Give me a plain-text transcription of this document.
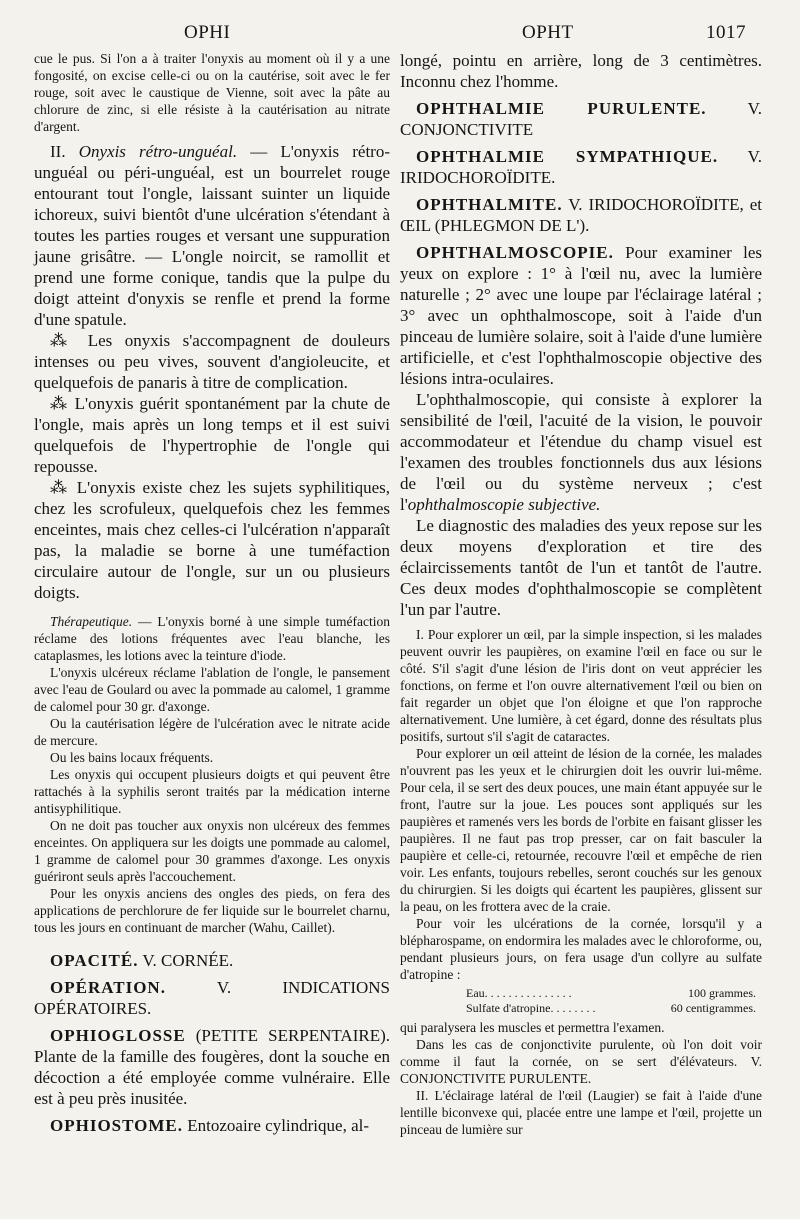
OPHI	OPHT	1017

cue le pus. Si l'on a à traiter l'onyxis au moment où il y a une fongosité, on excise celle-ci ou on la cautérise, soit avec le fer rouge, soit avec le caustique de Vienne, soit avec la pâte au chlorure de zinc, si elle résiste à la cautérisation au nitrate d'argent.

II. Onyxis rétro-unguéal. — L'onyxis rétro-unguéal ou péri-unguéal, est un bourrelet rouge entourant tout l'ongle, laissant suinter un liquide ichoreux, suivi bientôt d'une ulcération s'étendant à toutes les parties rouges et versant une suppuration jaune grisâtre. — L'ongle noircit, se ramollit et prend une forme conique, tandis que la pulpe du doigt atteint d'onyxis se renfle et prend la forme d'une spatule.

⁂ Les onyxis s'accompagnent de douleurs intenses ou peu vives, souvent d'angioleucite, et quelquefois de panaris à titre de complication.

⁂ L'onyxis guérit spontanément par la chute de l'ongle, mais après un long temps et il est suivi quelquefois de l'hypertrophie de l'ongle qui repousse.

⁂ L'onyxis existe chez les sujets syphilitiques, chez les scrofuleux, quelquefois chez les femmes enceintes, mais chez celles-ci l'ulcération n'apparaît pas, la maladie se borne à une tuméfaction circulaire autour de l'ongle, sur un ou plusieurs doigts.

Thérapeutique. — L'onyxis borné à une simple tuméfaction réclame des lotions fréquentes avec l'eau blanche, les cataplasmes, les lotions avec la teinture d'iode.

L'onyxis ulcéreux réclame l'ablation de l'ongle, le pansement avec l'eau de Goulard ou avec la pommade au calomel, 1 gramme de calomel pour 30 gr. d'axonge.

Ou la cautérisation légère de l'ulcération avec le nitrate acide de mercure.

Ou les bains locaux fréquents.

Les onyxis qui occupent plusieurs doigts et qui peuvent être rattachés à la syphilis seront traités par la médication interne antisyphilitique.

On ne doit pas toucher aux onyxis non ulcéreux des femmes enceintes. On appliquera sur les doigts une pommade au calomel, 1 gramme de calomel pour 30 grammes d'axonge. Les onyxis guériront seuls après l'accouchement.

Pour les onyxis anciens des ongles des pieds, on fera des applications de perchlorure de fer liquide sur le bourrelet charnu, tous les jours en continuant de marcher (Wahu, Caillet).

OPACITÉ. V. CORNÉE.

OPÉRATION.	V. INDICATIONS OPÉRATOIRES.

OPHIOGLOSSE (PETITE SERPENTAIRE). Plante de la famille des fougères, dont la souche en décoction a été employée comme vulnéraire. Elle est à peu près inusitée.

OPHIOSTOME. Entozoaire cylindrique, al-

longé, pointu en arrière, long de 3 centimètres. Inconnu chez l'homme.

OPHTHALMIE PURULENTE. V. CONJONCTIVITE

OPHTHALMIE SYMPATHIQUE. V. IRIDOCHOROÏDITE.

OPHTHALMITE. V. IRIDOCHOROÏDITE, et ŒIL (PHLEGMON DE L').

OPHTHALMOSCOPIE. Pour examiner les yeux on explore : 1° à l'œil nu, avec la lumière naturelle ; 2° avec une loupe par l'éclairage latéral ; 3° avec un ophthalmoscope, soit à l'aide d'un pinceau de lumière solaire, soit à l'aide d'une lumière artificielle, et c'est l'ophthalmoscopie objective des lésions intra-oculaires.

L'ophthalmoscopie, qui consiste à explorer la sensibilité de l'œil, l'acuité de la vision, le pouvoir accommodateur et l'étendue du champ visuel est l'examen des troubles fonctionnels dus aux lésions de l'œil ou du système nerveux ; c'est l'ophthalmoscopie subjective.

Le diagnostic des maladies des yeux repose sur les deux moyens d'exploration et tire des éclaircissements tantôt de l'un et tantôt de l'autre. Ces deux modes d'ophthalmoscopie se complètent l'un par l'autre.

I. Pour explorer un œil, par la simple inspection, si les malades peuvent ouvrir les paupières, on examine l'œil en face ou sur le côté. S'il s'agit d'une lésion de l'iris dont on veut apprécier les fonctions, on ferme et l'on ouvre alternativement l'œil ou bien on fait regarder un objet que l'on éloigne et que l'on rapproche alternativement. Une lumière, à cet égard, donne des résultats plus positifs, surtout s'il s'agit de cataractes.

Pour explorer un œil atteint de lésion de la cornée, les malades n'ouvrent pas les yeux et le chirurgien doit les ouvrir lui-même. Pour cela, il se sert des deux pouces, une main étant appuyée sur le front, l'autre sur la joue. Les pouces sont appliqués sur les paupières et ramenés vers les bords de l'orbite en faisant glisser les paupières. Il ne faut pas trop presser, car on fait basculer la paupière et celle-ci, retournée, recouvre l'œil et empêche de rien voir. Les enfants, toujours rebelles, seront couchés sur les genoux du chirurgien. Si les doigts qui écartent les paupières, glissent sur la peau, on les frottera avec de la craie.

Pour voir les ulcérations de la cornée, lorsqu'il y a blépharospame, on endormira les malades avec le chloroforme, ou, pendant plusieurs jours, on fera usage d'un collyre au sulfate d'atropine :

Eau. . . . . . . . . . . . . . .	100 grammes.
Sulfate d'atropine. . . . . . . .	60 centigrammes.

qui paralysera les muscles et permettra l'examen.

Dans les cas de conjonctivite purulente, où l'on doit voir comme il faut la cornée, on se sert d'élévateurs. V. CONJONCTIVITE PURULENTE.

II. L'éclairage latéral de l'œil (Laugier) se fait à l'aide d'une lentille biconvexe qui, placée entre une lampe et l'œil, projette un pinceau de lumière sur
